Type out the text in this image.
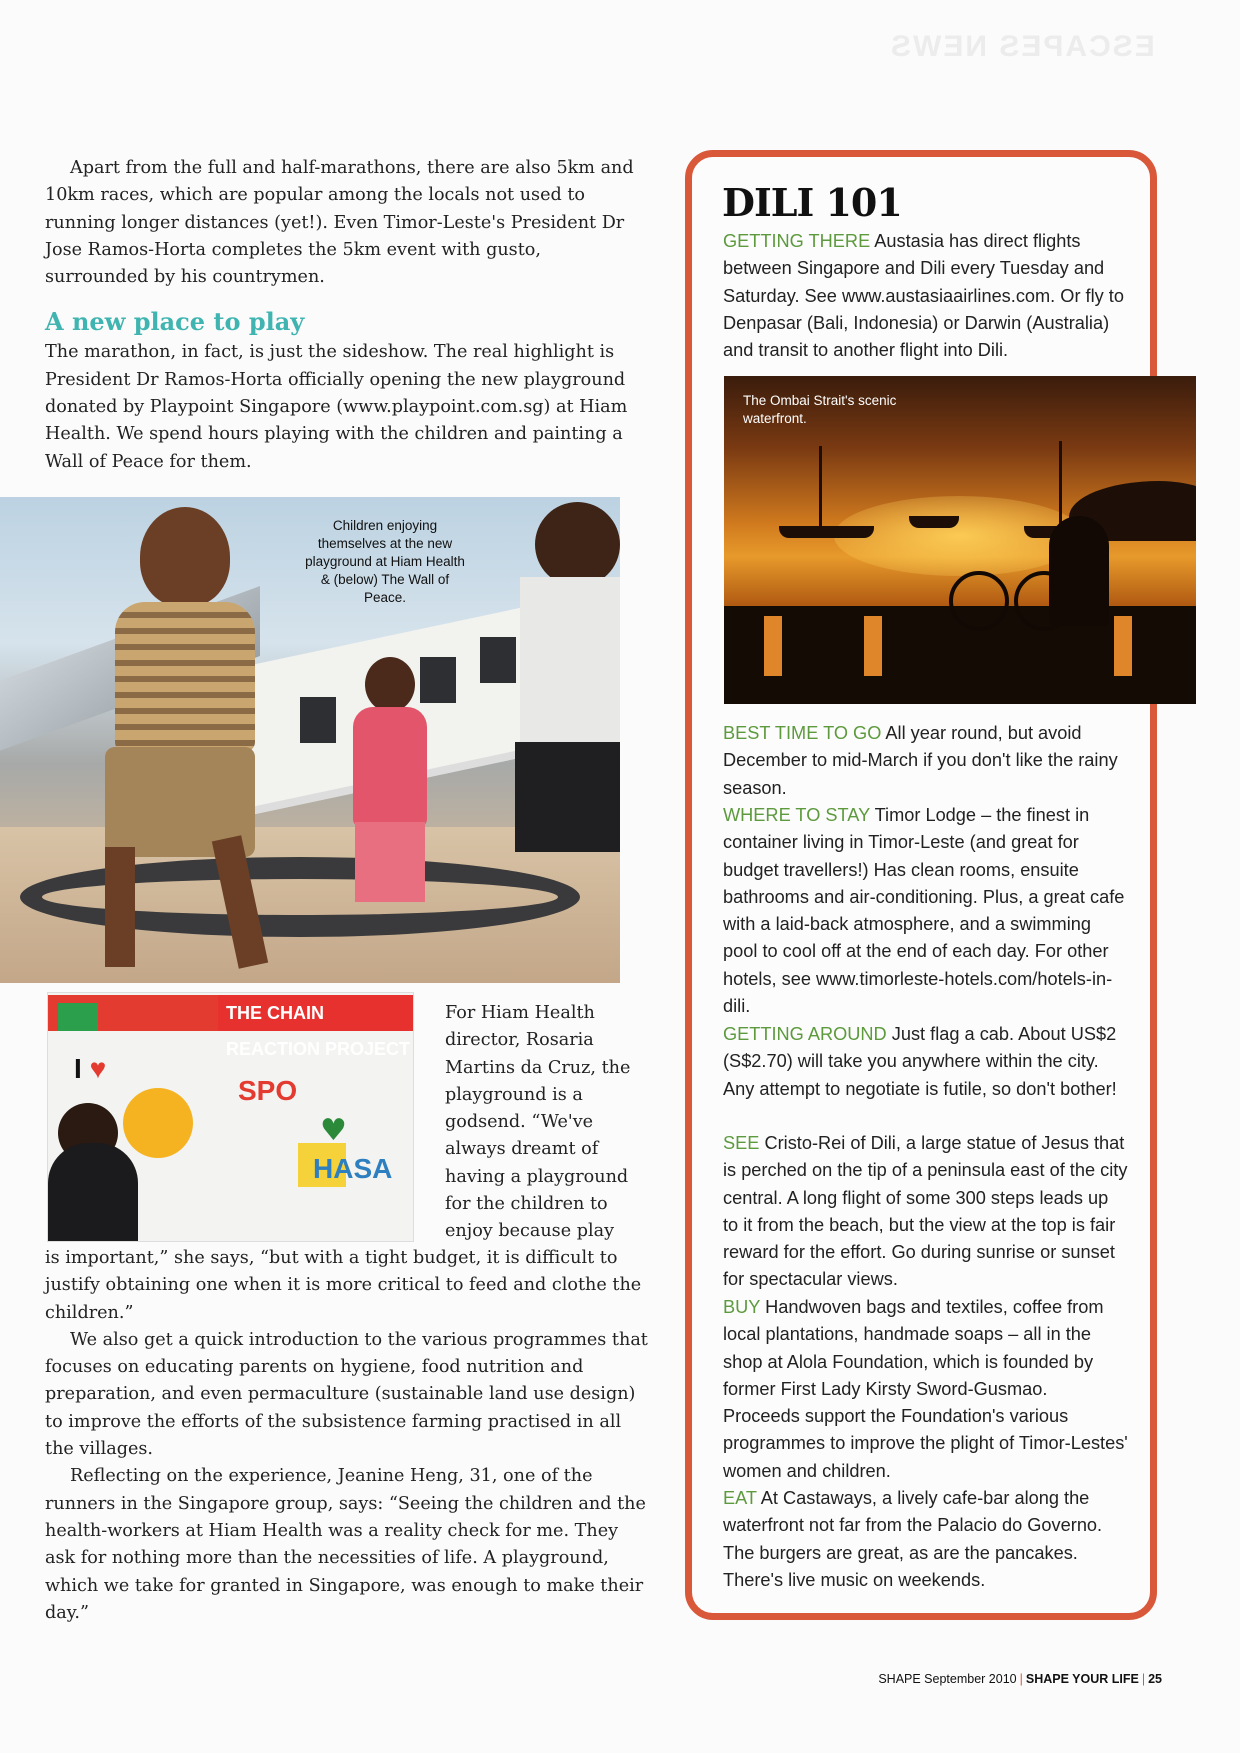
ESCAPES NEWS

Apart from the full and half-marathons, there are also 5km and 10km races, which are popular among the locals not used to running longer distances (yet!). Even Timor-Leste's President Dr Jose Ramos-Horta completes the 5km event with gusto, surrounded by his countrymen.

A new place to play

The marathon, in fact, is just the sideshow. The real highlight is President Dr Ramos-Horta officially opening the new playground donated by Playpoint Singapore (www.playpoint.com.sg) at Hiam Health. We spend hours playing with the children and painting a Wall of Peace for them.

Children enjoying themselves at the new playground at Hiam Health & (below) The Wall of Peace.
THE CHAIN REACTION PROJECT
I ♥
SPO
♥
HASA
For Hiam Health director, Rosaria Martins da Cruz, the playground is a godsend. “We've always dreamt of having a playground for the children to enjoy because play

is important,” she says, “but with a tight budget, it is difficult to justify obtaining one when it is more critical to feed and clothe the children.”

We also get a quick introduction to the various programmes that focuses on educating parents on hygiene, food nutrition and preparation, and even permaculture (sustainable land use design) to improve the efforts of the subsistence farming practised in all the villages.

Reflecting on the experience, Jeanine Heng, 31, one of the runners in the Singapore group, says: “Seeing the children and the health-workers at Hiam Health was a reality check for me. They ask for nothing more than the necessities of life. A playground, which we take for granted in Singapore, was enough to make their day.”

DILI 101
GETTING THERE Austasia has direct flights between Singapore and Dili every Tuesday and Saturday. See www.austasiaairlines.com. Or fly to Denpasar (Bali, Indonesia) or Darwin (Australia) and transit to another flight into Dili.
The Ombai Strait's scenic waterfront.
BEST TIME TO GO All year round, but avoid December to mid-March if you don't like the rainy season.
WHERE TO STAY Timor Lodge – the finest in container living in Timor-Leste (and great for budget travellers!) Has clean rooms, ensuite bathrooms and air-conditioning. Plus, a great cafe with a laid-back atmosphere, and a swimming pool to cool off at the end of each day. For other hotels, see www.timorleste-hotels.com/hotels-in-dili.
GETTING AROUND Just flag a cab. About US$2 (S$2.70) will take you anywhere within the city. Any attempt to negotiate is futile, so don't bother!
SEE Cristo-Rei of Dili, a large statue of Jesus that is perched on the tip of a peninsula east of the city central. A long flight of some 300 steps leads up to it from the beach, but the view at the top is fair reward for the effort. Go during sunrise or sunset for spectacular views.
BUY Handwoven bags and textiles, coffee from local plantations, handmade soaps – all in the shop at Alola Foundation, which is founded by former First Lady Kirsty Sword-Gusmao. Proceeds support the Foundation's various programmes to improve the plight of Timor-Lestes' women and children.
EAT At Castaways, a lively cafe-bar along the waterfront not far from the Palacio do Governo. The burgers are great, as are the pancakes. There's live music on weekends.
SHAPE September 2010 | SHAPE YOUR LIFE | 25
